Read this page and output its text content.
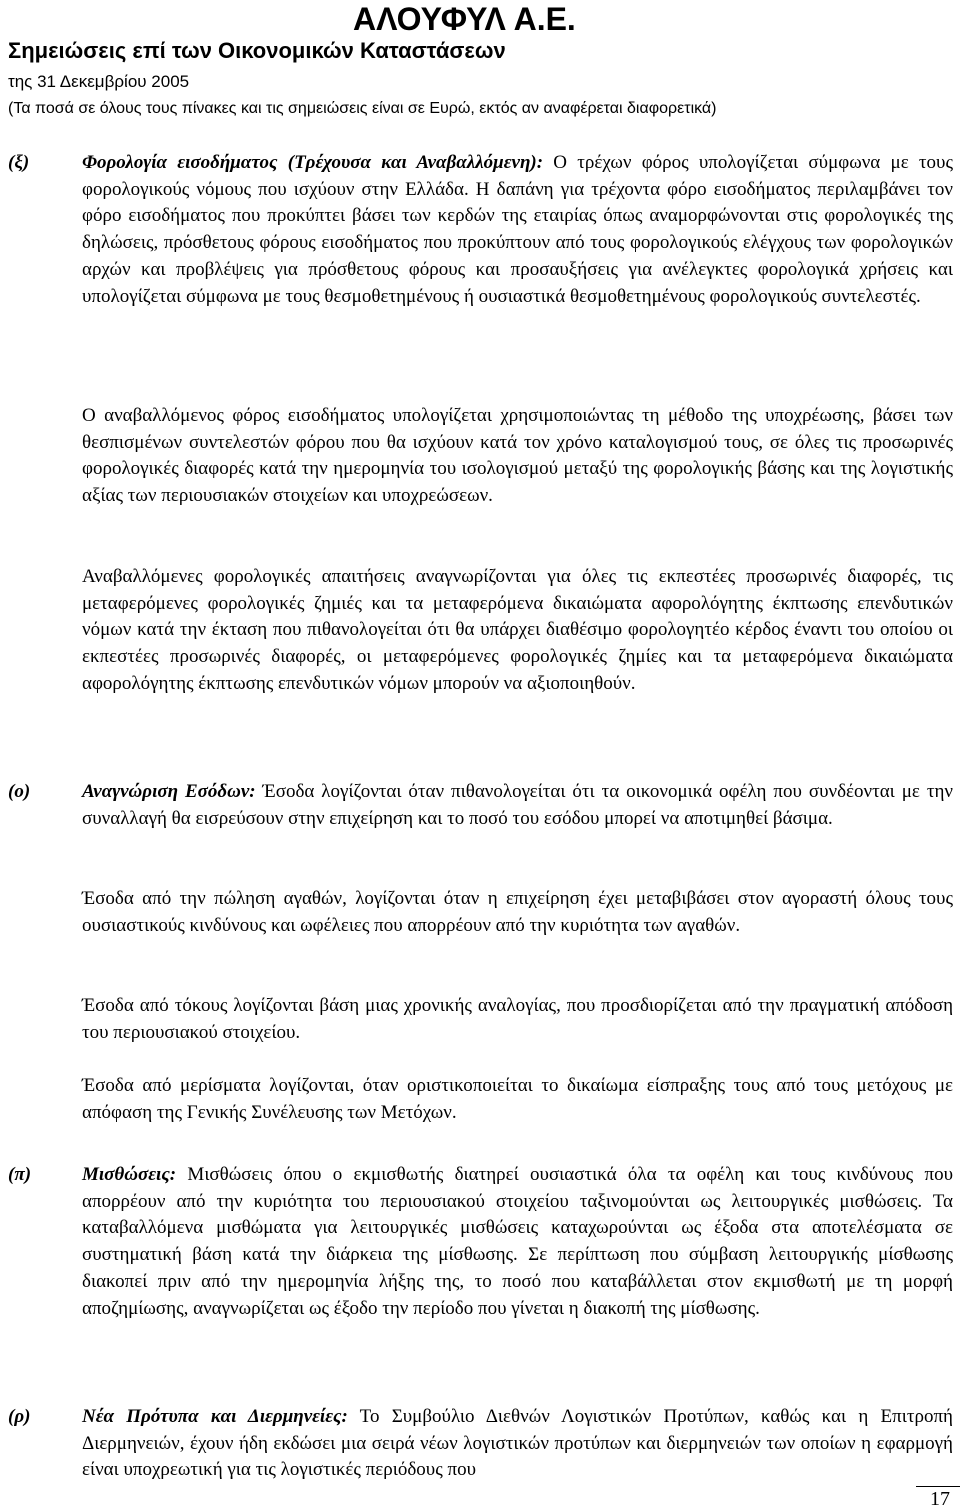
ΑΛΟΥΦΥΛ Α.Ε.
Σημειώσεις επί των Οικονομικών Καταστάσεων
της 31 Δεκεμβρίου 2005
(Τα ποσά σε όλους τους πίνακες και τις σημειώσεις είναι σε Ευρώ, εκτός αν αναφέρεται διαφορετικά)
(ξ)	Φορολογία εισοδήματος (Τρέχουσα και Αναβαλλόμενη): Ο τρέχων φόρος υπολογίζεται σύμφωνα με τους φορολογικούς νόμους που ισχύουν στην Ελλάδα. Η δαπάνη για τρέχοντα φόρο εισοδήματος περιλαμβάνει τον φόρο εισοδήματος που προκύπτει βάσει των κερδών της εταιρίας όπως αναμορφώνονται στις φορολογικές της δηλώσεις, πρόσθετους φόρους εισοδήματος που προκύπτουν από τους φορολογικούς ελέγχους των φορολογικών αρχών και προβλέψεις για πρόσθετους φόρους και προσαυξήσεις για ανέλεγκτες φορολογικά χρήσεις και υπολογίζεται σύμφωνα με τους θεσμοθετημένους ή ουσιαστικά θεσμοθετημένους φορολογικούς συντελεστές.

Ο αναβαλλόμενος φόρος εισοδήματος υπολογίζεται χρησιμοποιώντας τη μέθοδο της υποχρέωσης, βάσει των θεσπισμένων συντελεστών φόρου που θα ισχύουν κατά τον χρόνο καταλογισμού τους, σε όλες τις προσωρινές φορολογικές διαφορές κατά την ημερομηνία του ισολογισμού μεταξύ της φορολογικής βάσης και της λογιστικής αξίας των περιουσιακών στοιχείων και υποχρεώσεων.

Αναβαλλόμενες φορολογικές απαιτήσεις αναγνωρίζονται για όλες τις εκπεστέες προσωρινές διαφορές, τις μεταφερόμενες φορολογικές ζημιές και τα μεταφερόμενα δικαιώματα αφορολόγητης έκπτωσης επενδυτικών νόμων κατά την έκταση που πιθανολογείται ότι θα υπάρχει διαθέσιμο φορολογητέο κέρδος έναντι του οποίου οι εκπεστέες προσωρινές διαφορές, οι μεταφερόμενες φορολογικές ζημίες και τα μεταφερόμενα δικαιώματα αφορολόγητης έκπτωσης επενδυτικών νόμων μπορούν να αξιοποιηθούν.

(ο)	Αναγνώριση Εσόδων: Έσοδα λογίζονται όταν πιθανολογείται ότι τα οικονομικά οφέλη που συνδέονται με την συναλλαγή θα εισρεύσουν στην επιχείρηση και το ποσό του εσόδου μπορεί να αποτιμηθεί βάσιμα.

Έσοδα από την πώληση αγαθών, λογίζονται όταν η επιχείρηση έχει μεταβιβάσει στον αγοραστή όλους τους ουσιαστικούς κινδύνους και ωφέλειες που απορρέουν από την κυριότητα των αγαθών.

Έσοδα από τόκους λογίζονται βάση μιας χρονικής αναλογίας, που προσδιορίζεται από την πραγματική απόδοση του περιουσιακού στοιχείου.

Έσοδα από μερίσματα λογίζονται, όταν οριστικοποιείται το δικαίωμα είσπραξης τους από τους μετόχους με απόφαση της Γενικής Συνέλευσης των Μετόχων.

(π)	Μισθώσεις: Μισθώσεις όπου ο εκμισθωτής διατηρεί ουσιαστικά όλα τα οφέλη και τους κινδύνους που απορρέουν από την κυριότητα του περιουσιακού στοιχείου ταξινομούνται ως λειτουργικές μισθώσεις. Τα καταβαλλόμενα μισθώματα για λειτουργικές μισθώσεις καταχωρούνται ως έξοδα στα αποτελέσματα σε συστηματική βάση κατά την διάρκεια της μίσθωσης. Σε περίπτωση που σύμβαση λειτουργικής μίσθωσης διακοπεί πριν από την ημερομηνία λήξης της, το ποσό που καταβάλλεται στον εκμισθωτή με τη μορφή αποζημίωσης, αναγνωρίζεται ως έξοδο την περίοδο που γίνεται η διακοπή της μίσθωσης.

(ρ)	Νέα Πρότυπα και Διερμηνείες: Το Συμβούλιο Διεθνών Λογιστικών Προτύπων, καθώς και η Επιτροπή Διερμηνειών, έχουν ήδη εκδώσει μια σειρά νέων λογιστικών προτύπων και διερμηνειών των οποίων η εφαρμογή είναι υποχρεωτική για τις λογιστικές περιόδους που

17
